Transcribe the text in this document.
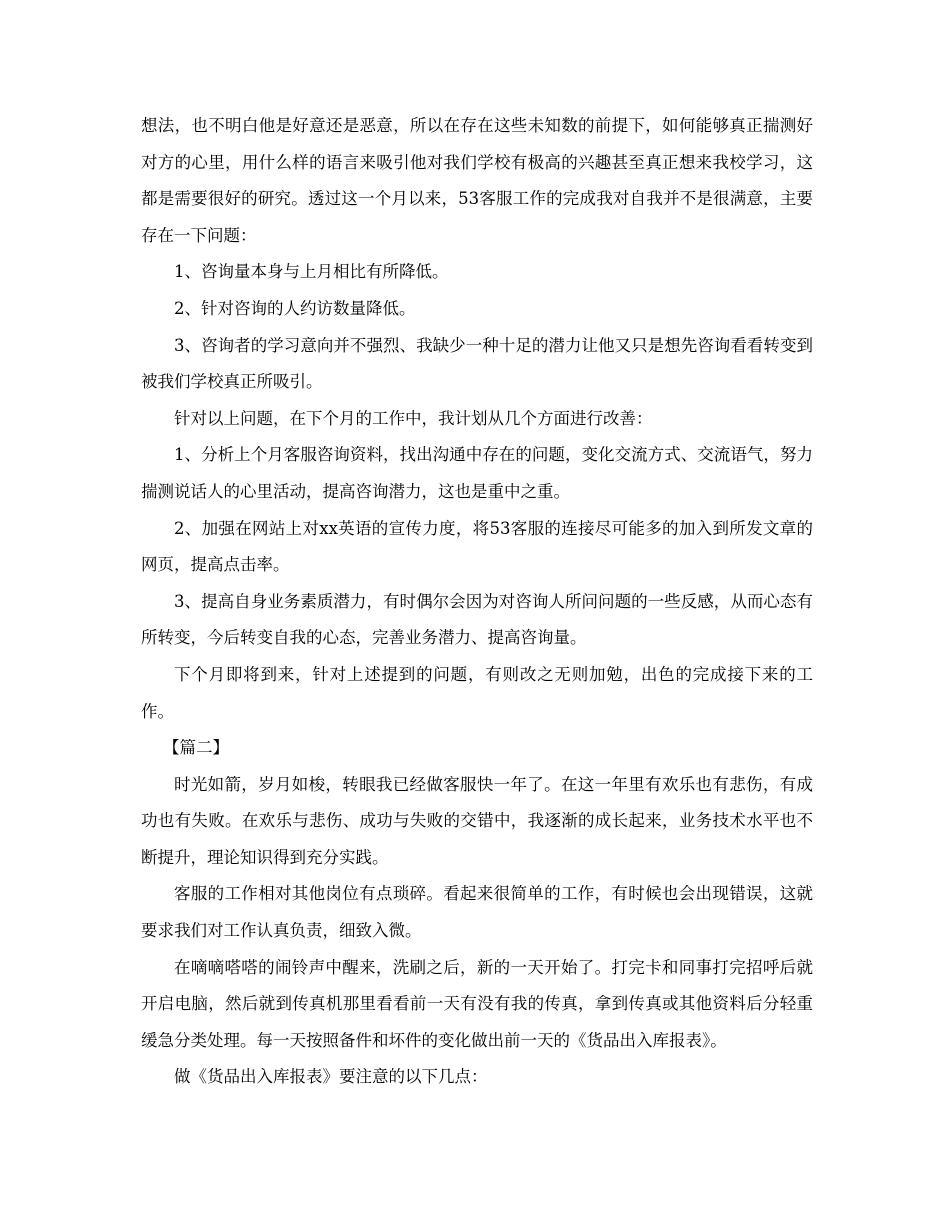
想法，也不明白他是好意还是恶意，所以在存在这些未知数的前提下，如何能够真正揣测好对方的心里，用什么样的语言来吸引他对我们学校有极高的兴趣甚至真正想来我校学习，这都是需要很好的研究。透过这一个月以来，53客服工作的完成我对自我并不是很满意，主要存在一下问题：

1、咨询量本身与上月相比有所降低。

2、针对咨询的人约访数量降低。

3、咨询者的学习意向并不强烈、我缺少一种十足的潜力让他又只是想先咨询看看转变到被我们学校真正所吸引。

针对以上问题，在下个月的工作中，我计划从几个方面进行改善：

1、分析上个月客服咨询资料，找出沟通中存在的问题，变化交流方式、交流语气，努力揣测说话人的心里活动，提高咨询潜力，这也是重中之重。

2、加强在网站上对xx英语的宣传力度，将53客服的连接尽可能多的加入到所发文章的网页，提高点击率。

3、提高自身业务素质潜力，有时偶尔会因为对咨询人所问问题的一些反感，从而心态有所转变，今后转变自我的心态，完善业务潜力、提高咨询量。

下个月即将到来，针对上述提到的问题，有则改之无则加勉，出色的完成接下来的工作。

【篇二】

时光如箭，岁月如梭，转眼我已经做客服快一年了。在这一年里有欢乐也有悲伤，有成功也有失败。在欢乐与悲伤、成功与失败的交错中，我逐渐的成长起来，业务技术水平也不断提升，理论知识得到充分实践。

客服的工作相对其他岗位有点琐碎。看起来很简单的工作，有时候也会出现错误，这就要求我们对工作认真负责，细致入微。

在嘀嘀嗒嗒的闹铃声中醒来，洗刷之后，新的一天开始了。打完卡和同事打完招呼后就开启电脑，然后就到传真机那里看看前一天有没有我的传真，拿到传真或其他资料后分轻重缓急分类处理。每一天按照备件和坏件的变化做出前一天的《货品出入库报表》。

做《货品出入库报表》要注意的以下几点：
